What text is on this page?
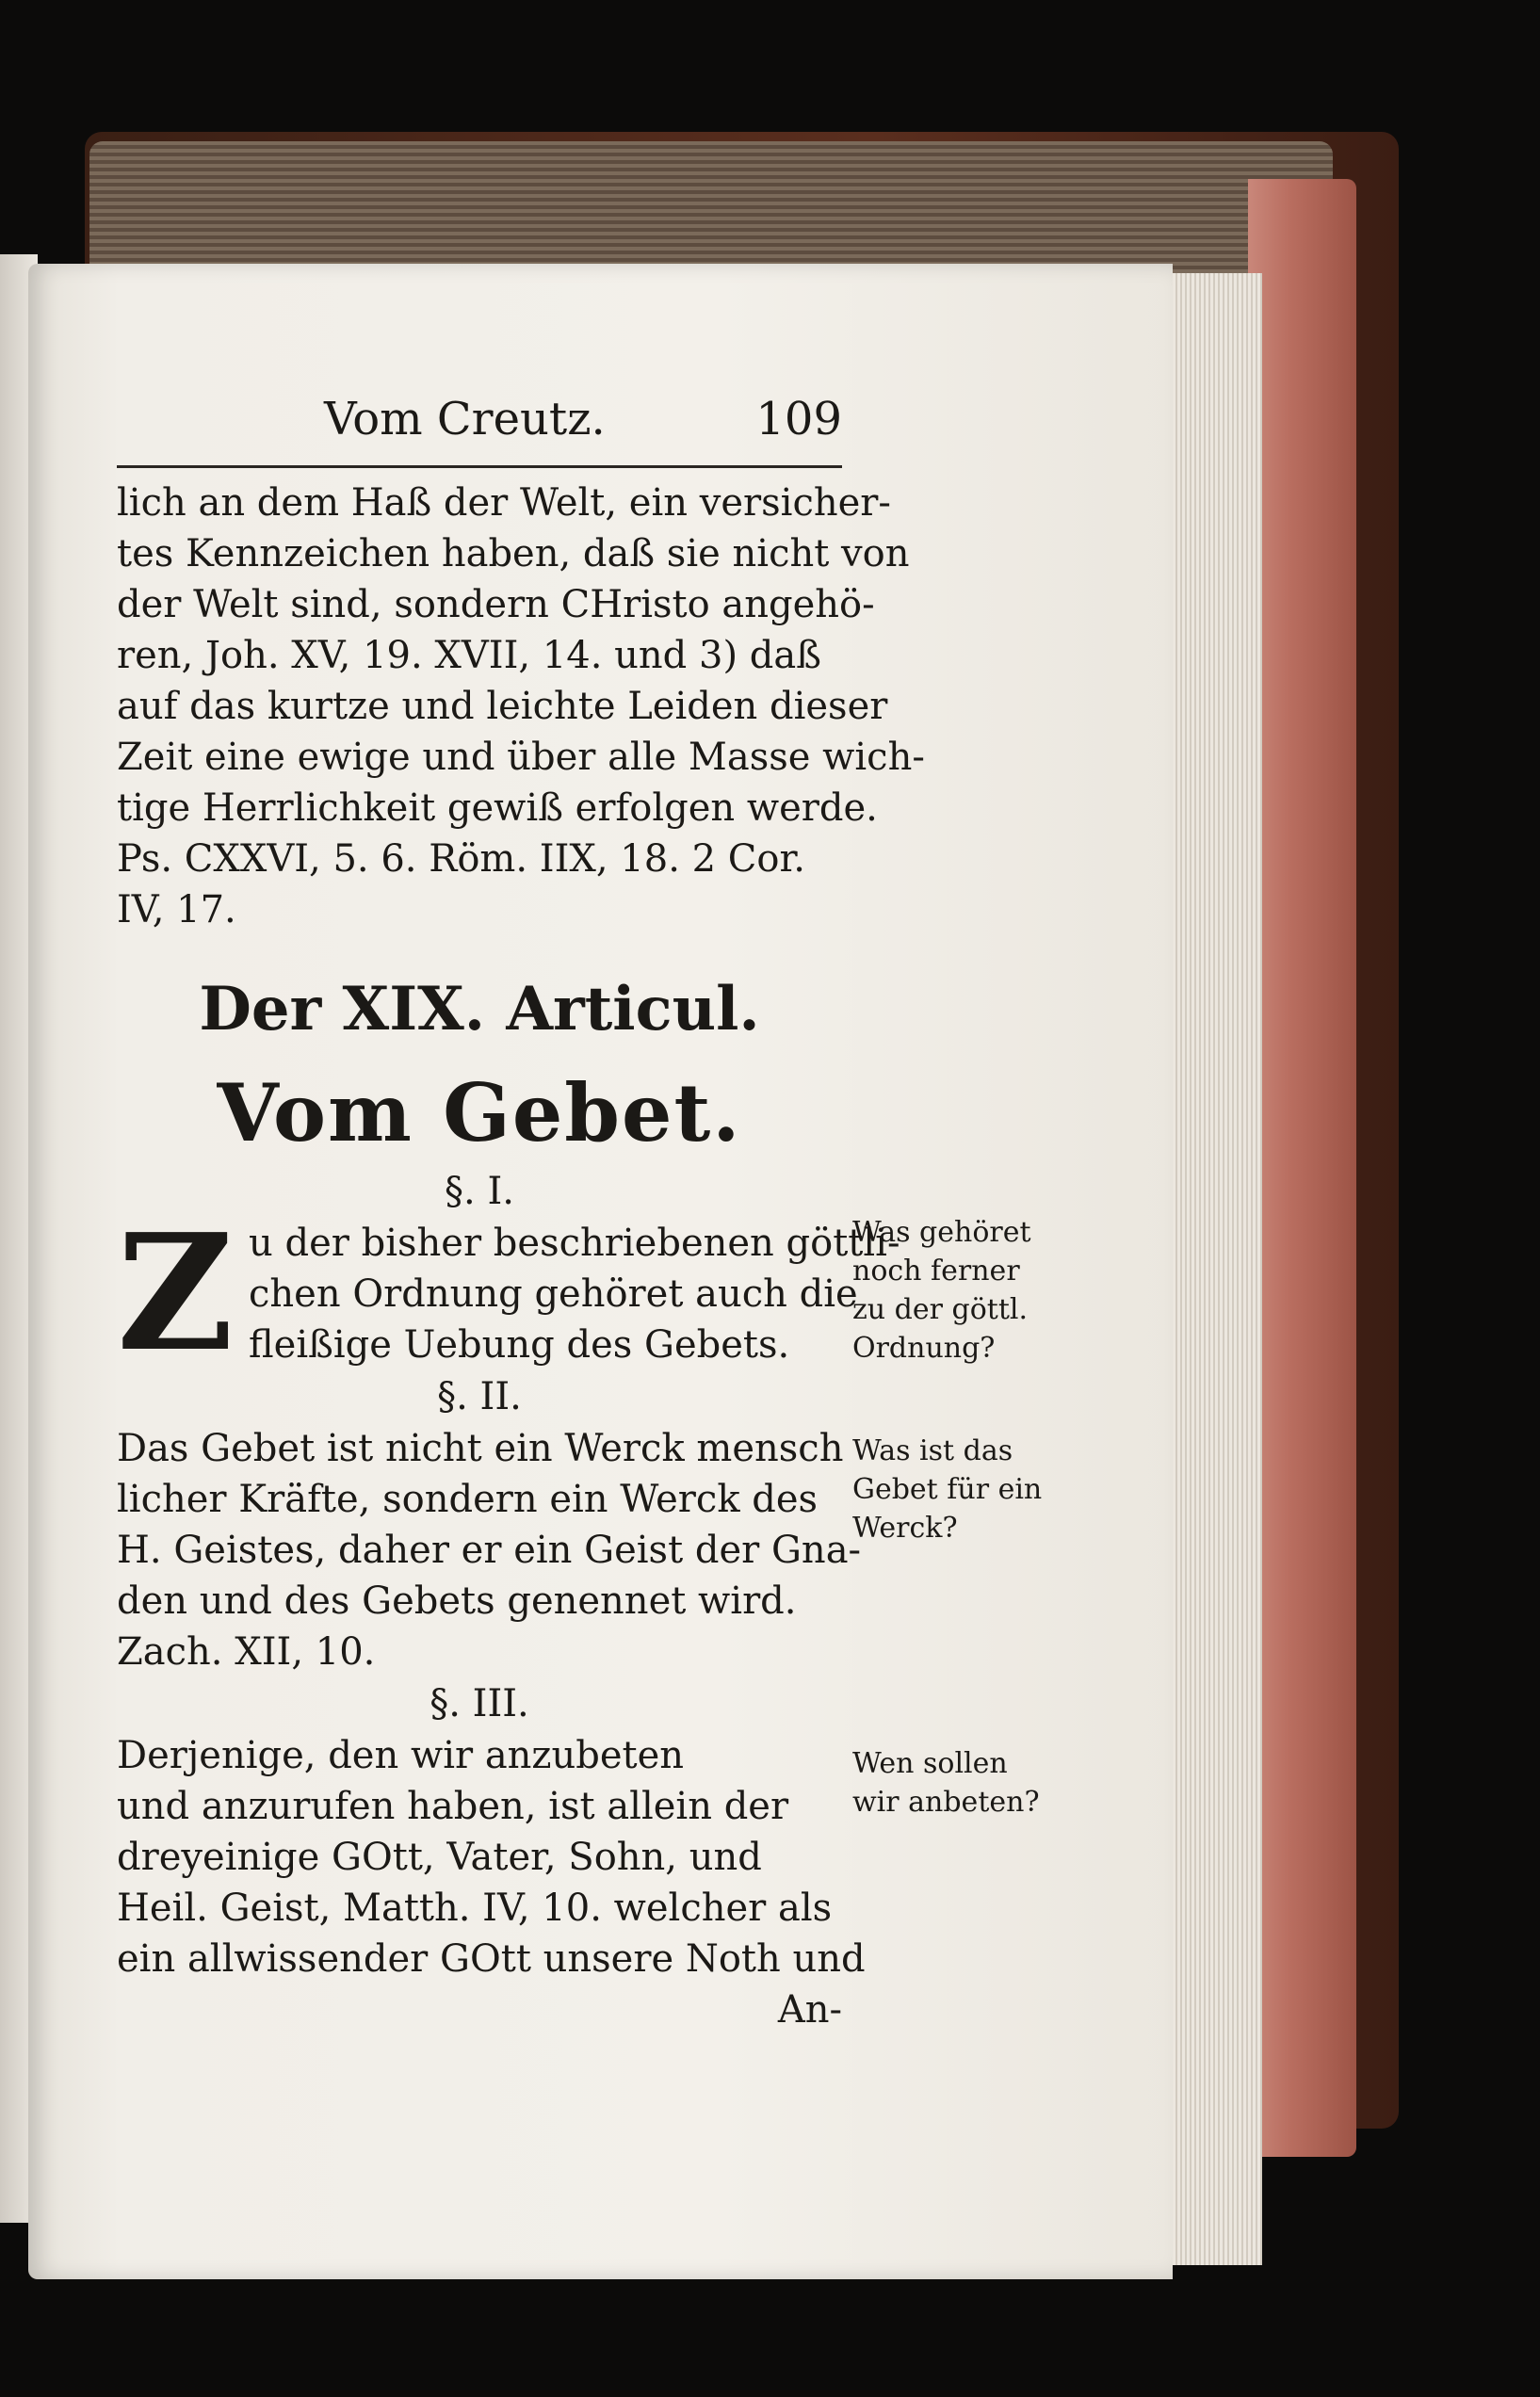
Vom Creutz.	109
lich an dem Haß der Welt, ein versicher-
tes Kennzeichen haben, daß sie nicht von
der Welt sind, sondern CHristo angehö-
ren, Joh. XV, 19. XVII, 14. und 3) daß
auf das kurtze und leichte Leiden dieser
Zeit eine ewige und über alle Masse wich-
tige Herrlichkeit gewiß erfolgen werde.
Ps. CXXVI, 5. 6. Röm. IIX, 18. 2 Cor.
IV, 17.
Der XIX. Articul.
Vom Gebet.
§. I.
Z u der bisher beschriebenen göttli-
chen Ordnung gehöret auch die
fleißige Uebung des Gebets.
§. II.
Das Gebet ist nicht ein Werck mensch
licher Kräfte, sondern ein Werck des
H. Geistes, daher er ein Geist der Gna-
den und des Gebets genennet wird.
Zach. XII, 10.
§. III.
Derjenige, den wir anzubeten
und anzurufen haben, ist allein der
dreyeinige GOtt, Vater, Sohn, und
Heil. Geist, Matth. IV, 10. welcher als
ein allwissender GOtt unsere Noth und
An-
Was gehöret
noch ferner
zu der göttl.
Ordnung?
Was ist das
Gebet für ein
Werck?
Wen sollen
wir anbeten?
